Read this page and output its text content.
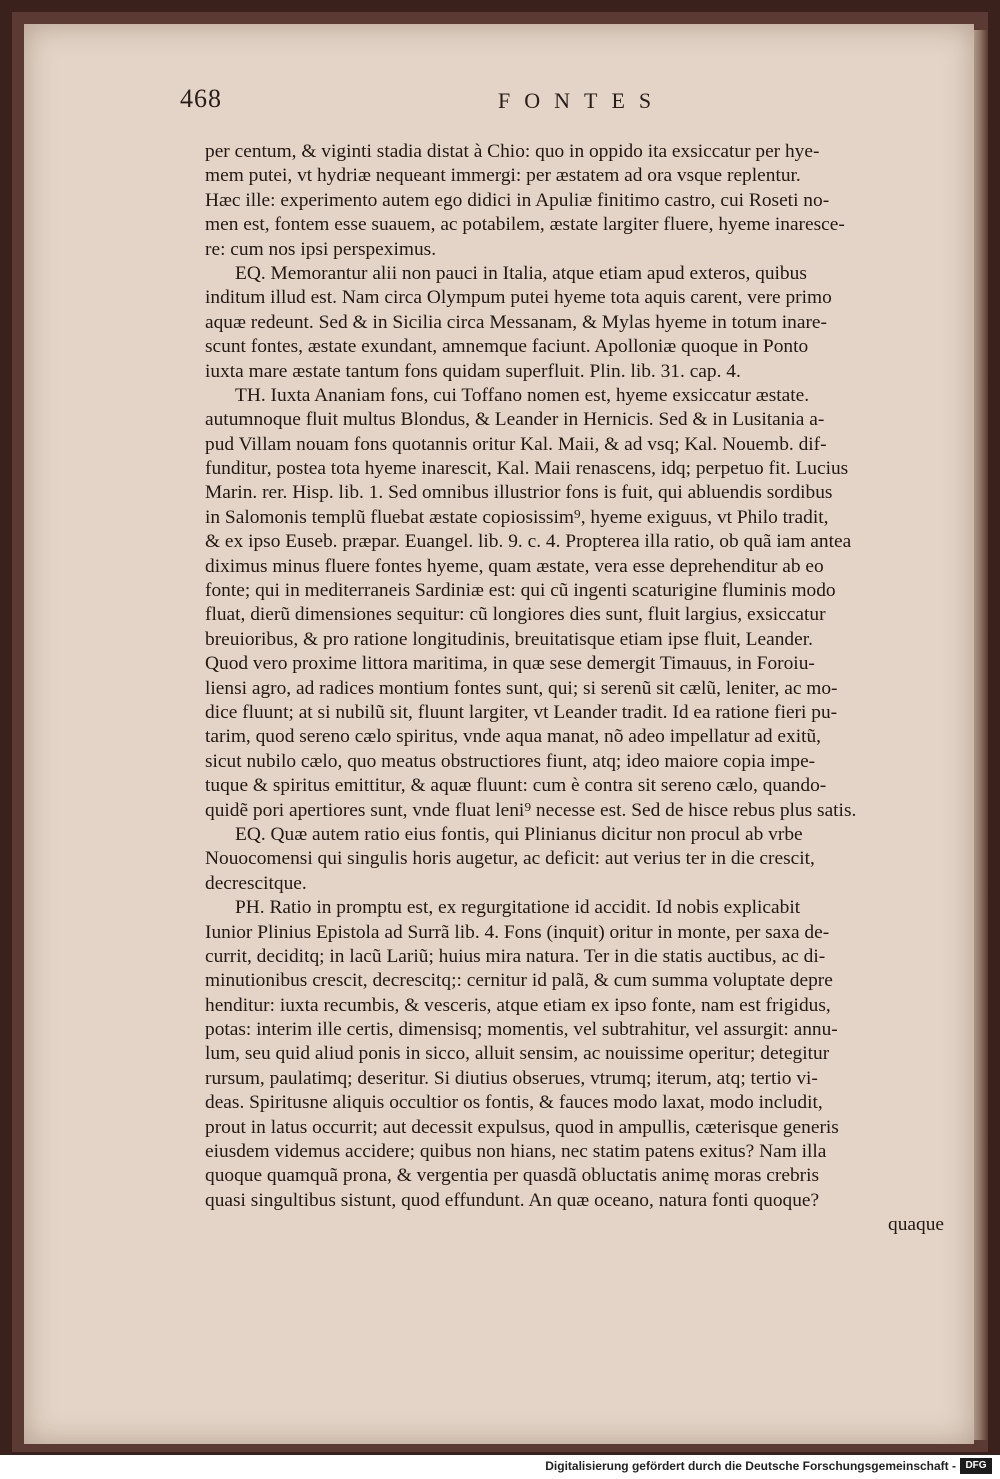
468	FONTES
per centum, & viginti stadia distat à Chio: quo in oppido ita exsiccatur per hye-
mem putei, vt hydriæ nequeant immergi: per æstatem ad ora vsque replentur.
Hæc ille: experimento autem ego didici in Apuliæ finitimo castro, cui Roseti no-
men est, fontem esse suauem, ac potabilem, æstate largiter fluere, hyeme inaresce-
re: cum nos ipsi perspeximus.
EQ. Memorantur alii non pauci in Italia, atque etiam apud exteros, quibus
inditum illud est. Nam circa Olympum putei hyeme tota aquis carent, vere primo
aquæ redeunt. Sed & in Sicilia circa Messanam, & Mylas hyeme in totum inare-
scunt fontes, æstate exundant, amnemque faciunt. Apolloniæ quoque in Ponto
iuxta mare æstate tantum fons quidam superfluit. Plin. lib. 31. cap. 4.
TH. Iuxta Ananiam fons, cui Toffano nomen est, hyeme exsiccatur æstate.
autumnoque fluit multus Blondus, & Leander in Hernicis. Sed & in Lusitania a-
pud Villam nouam fons quotannis oritur Kal. Maii, & ad vsq; Kal. Nouemb. dif-
funditur, postea tota hyeme inarescit, Kal. Maii renascens, idq; perpetuo fit. Lucius
Marin. rer. Hisp. lib. 1. Sed omnibus illustrior fons is fuit, qui abluendis sordibus
in Salomonis templũ fluebat æstate copiosissim⁹, hyeme exiguus, vt Philo tradit,
& ex ipso Euseb. præpar. Euangel. lib. 9. c. 4. Propterea illa ratio, ob quã iam antea
diximus minus fluere fontes hyeme, quam æstate, vera esse deprehenditur ab eo
fonte; qui in mediterraneis Sardiniæ est: qui cũ ingenti scaturigine fluminis modo
fluat, dierũ dimensiones sequitur: cũ longiores dies sunt, fluit largius, exsiccatur
breuioribus, & pro ratione longitudinis, breuitatisque etiam ipse fluit, Leander.
Quod vero proxime littora maritima, in quæ sese demergit Timauus, in Foroiu-
liensi agro, ad radices montium fontes sunt, qui; si serenũ sit cælũ, leniter, ac mo-
dice fluunt; at si nubilũ sit, fluunt largiter, vt Leander tradit. Id ea ratione fieri pu-
tarim, quod sereno cælo spiritus, vnde aqua manat, nõ adeo impellatur ad exitũ,
sicut nubilo cælo, quo meatus obstructiores fiunt, atq; ideo maiore copia impe-
tuque & spiritus emittitur, & aquæ fluunt: cum è contra sit sereno cælo, quando-
quidẽ pori apertiores sunt, vnde fluat leni⁹ necesse est. Sed de hisce rebus plus satis.
EQ. Quæ autem ratio eius fontis, qui Plinianus dicitur non procul ab vrbe
Nouocomensi qui singulis horis augetur, ac deficit: aut verius ter in die crescit,
decrescitque.
PH. Ratio in promptu est, ex regurgitatione id accidit. Id nobis explicabit
Iunior Plinius Epistola ad Surrã lib. 4. Fons (inquit) oritur in monte, per saxa de-
currit, deciditq; in lacũ Lariũ; huius mira natura. Ter in die statis auctibus, ac di-
minutionibus crescit, decrescitq;: cernitur id palã, & cum summa voluptate depre
henditur: iuxta recumbis, & vesceris, atque etiam ex ipso fonte, nam est frigidus,
potas: interim ille certis, dimensisq; momentis, vel subtrahitur, vel assurgit: annu-
lum, seu quid aliud ponis in sicco, alluit sensim, ac nouissime operitur; detegitur
rursum, paulatimq; deseritur. Si diutius obserues, vtrumq; iterum, atq; tertio vi-
deas. Spiritusne aliquis occultior os fontis, & fauces modo laxat, modo includit,
prout in latus occurrit; aut decessit expulsus, quod in ampullis, cæterisque generis
eiusdem videmus accidere; quibus non hians, nec statim patens exitus? Nam illa
quoque quamquã prona, & vergentia per quasdã obluctatis animę moras crebris
quasi singultibus sistunt, quod effundunt. An quæ oceano, natura fonti quoque?
quaque
Digitalisierung gefördert durch die Deutsche Forschungsgemeinschaft - DFG
